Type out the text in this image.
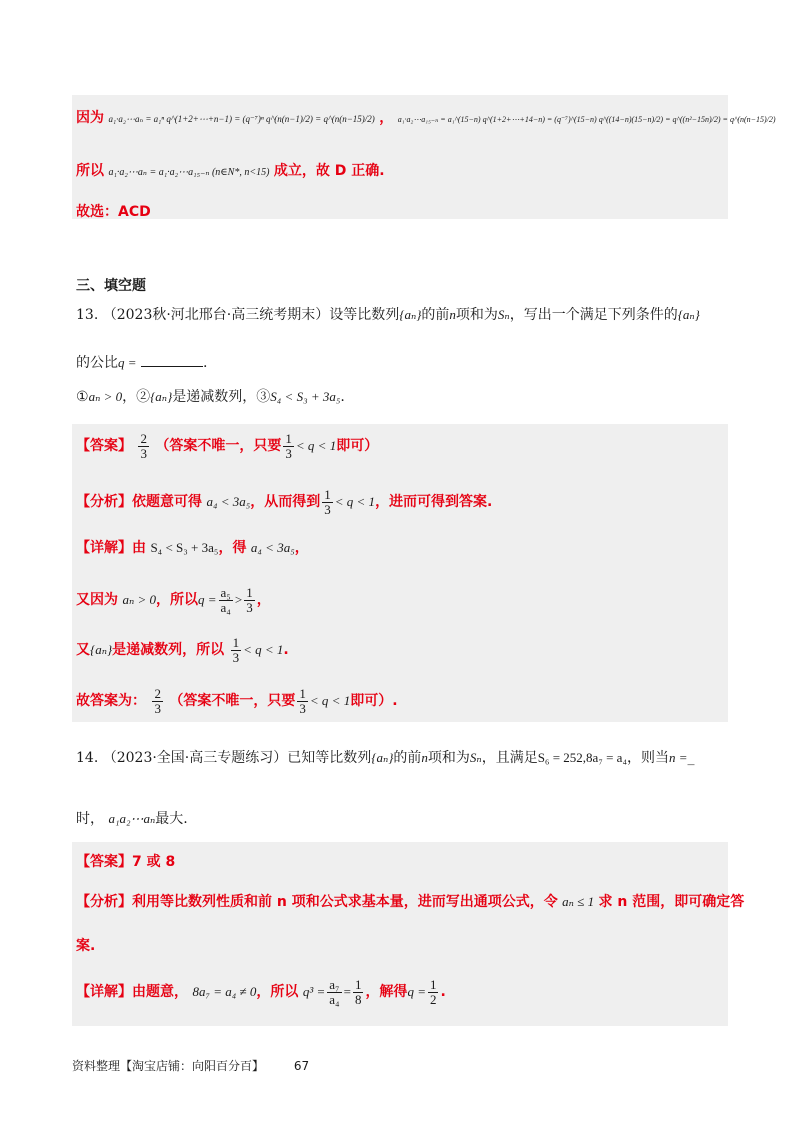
因为 a₁·a₂⋯aₙ = a₁ⁿ q^(1+2+⋯+n−1) = (q⁻⁷)ⁿ q^(n(n−1)/2) = q^(n(n−15)/2) ， a₁·a₂⋯a₁₅₋ₙ = a₁^(15−n) q^(1+2+⋯+14−n) = (q⁻⁷)^(15−n) q^((14−n)(15−n)/2) = q^((n²−15n)/2) = q^(n(n−15)/2)
所以 a₁·a₂⋯aₙ = a₁·a₂⋯a₁₅₋ₙ (n∈N*, n<15) 成立，故 D 正确.
故选：ACD
三、填空题
13. （2023秋·河北邢台·高三统考期末）设等比数列{aₙ}的前n项和为Sₙ，写出一个满足下列条件的{aₙ}
的公比q =	.
①aₙ > 0，②{aₙ}是递减数列，③S₄ < S₃ + 3a₅.
【答案】 $\frac{2}{3}$ （答案不唯一，只要 $\frac{1}{3} < q < 1$即可）
【分析】依题意可得 a₄ < 3a₅，从而得到 $\frac{1}{3} < q < 1$，进而可得到答案.
【详解】由 S₄ < S₃ + 3a₅，得 a₄ < 3a₅，
又因为 aₙ > 0，所以$q = \frac{\text{a₅}}{\text{a₄}} > \frac{1}{3}$ ，
又{aₙ}是递减数列，所以 $\frac{1}{3} < q < 1$.
故答案为： $\frac{2}{3}$ （答案不唯一，只要 $\frac{1}{3} < q < 1$即可）.
14. （2023·全国·高三专题练习）已知等比数列{aₙ}的前n项和为Sₙ，且满足S₆ = 252,8a₇ = a₄，则当n =_
时， a₁a₂⋯aₙ最大.
【答案】7 或 8
【分析】利用等比数列性质和前 n 项和公式求基本量，进而写出通项公式，令 aₙ ≤ 1 求 n 范围，即可确定答
案.
【详解】由题意， 8a₇ = a₄ ≠ 0，所以 $q^3 = \frac{\text{a₇}}{\text{a₄}} = \frac{1}{8}$ ，解得$q = \frac{1}{2}$ .
资料整理【淘宝店铺：向阳百分百】 67
